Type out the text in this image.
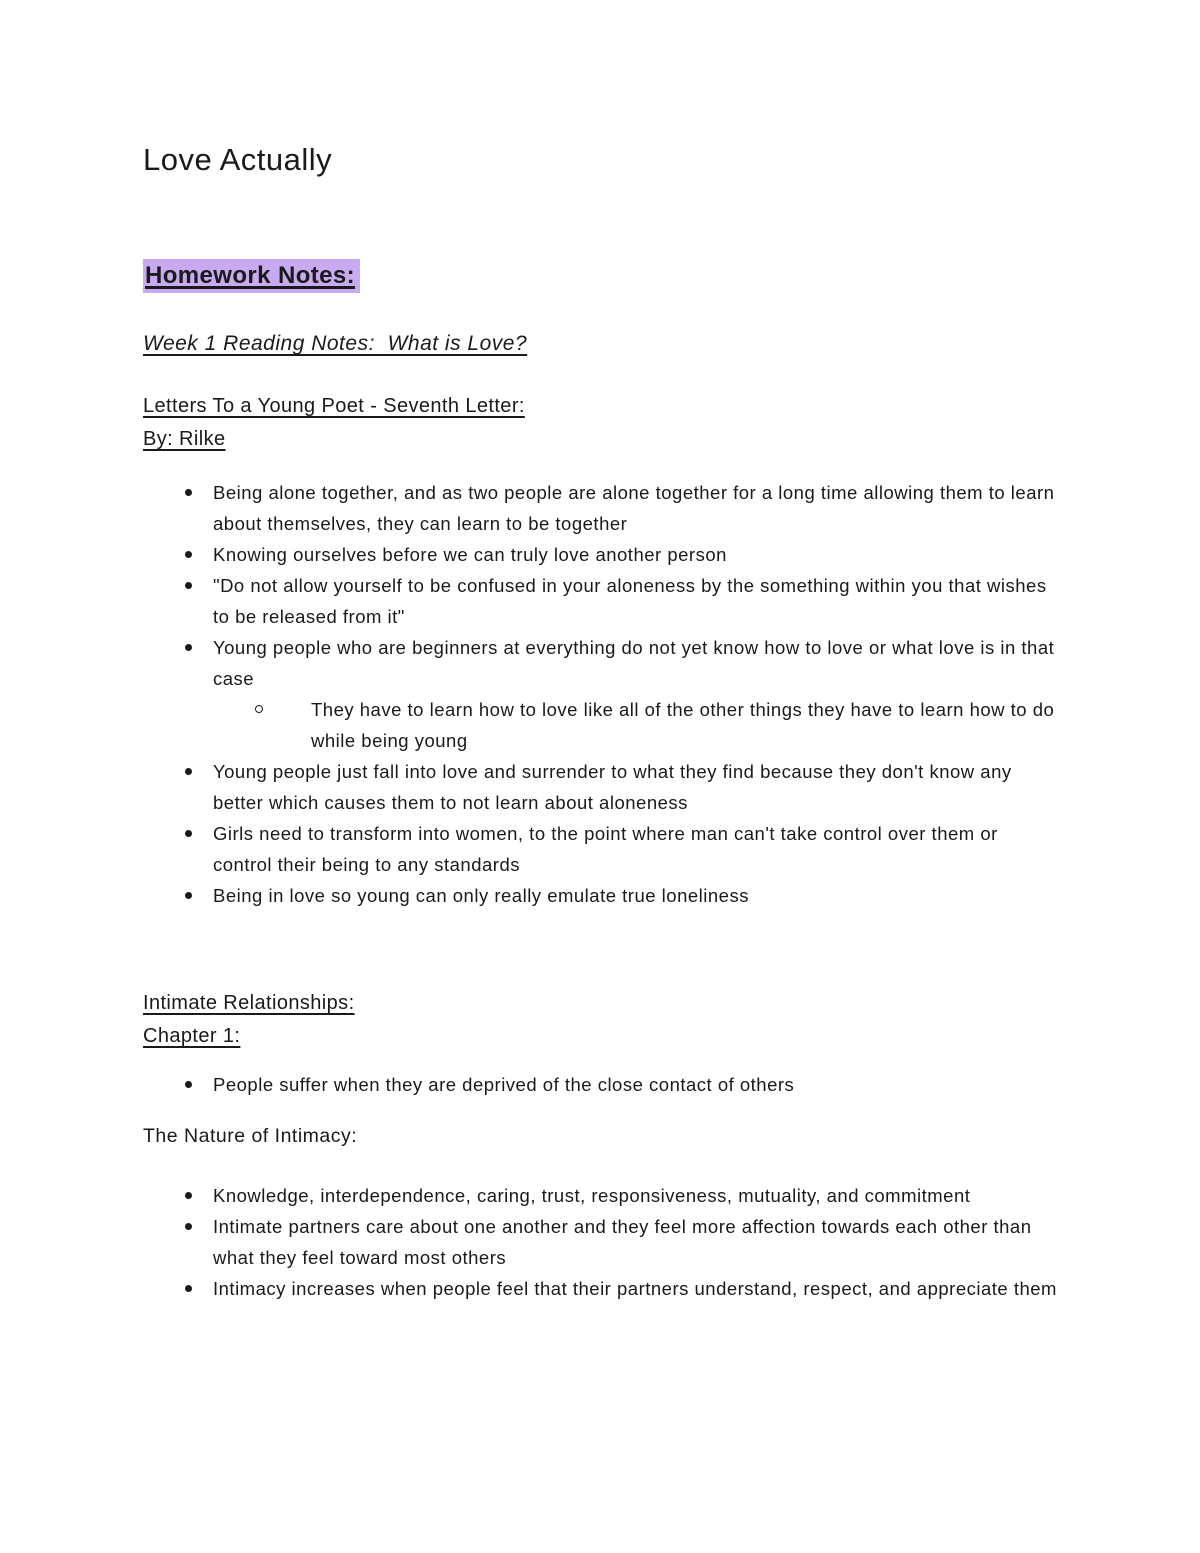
Love Actually
Homework Notes:
Week 1 Reading Notes:  What is Love?

Letters To a Young Poet - Seventh Letter:

By: Rilke

Being alone together, and as two people are alone together for a long time allowing them to learn about themselves, they can learn to be together
Knowing ourselves before we can truly love another person
"Do not allow yourself to be confused in your aloneness by the something within you that wishes to be released from it"
Young people who are beginners at everything do not yet know how to love or what love is in that case
They have to learn how to love like all of the other things they have to learn how to do while being young
Young people just fall into love and surrender to what they find because they don't know any better which causes them to not learn about aloneness
Girls need to transform into women, to the point where man can't take control over them or control their being to any standards
Being in love so young can only really emulate true loneliness

Intimate Relationships:

Chapter 1:

People suffer when they are deprived of the close contact of others

The Nature of Intimacy:

Knowledge, interdependence, caring, trust, responsiveness, mutuality, and commitment
Intimate partners care about one another and they feel more affection towards each other than what they feel toward most others
Intimacy increases when people feel that their partners understand, respect, and appreciate them
